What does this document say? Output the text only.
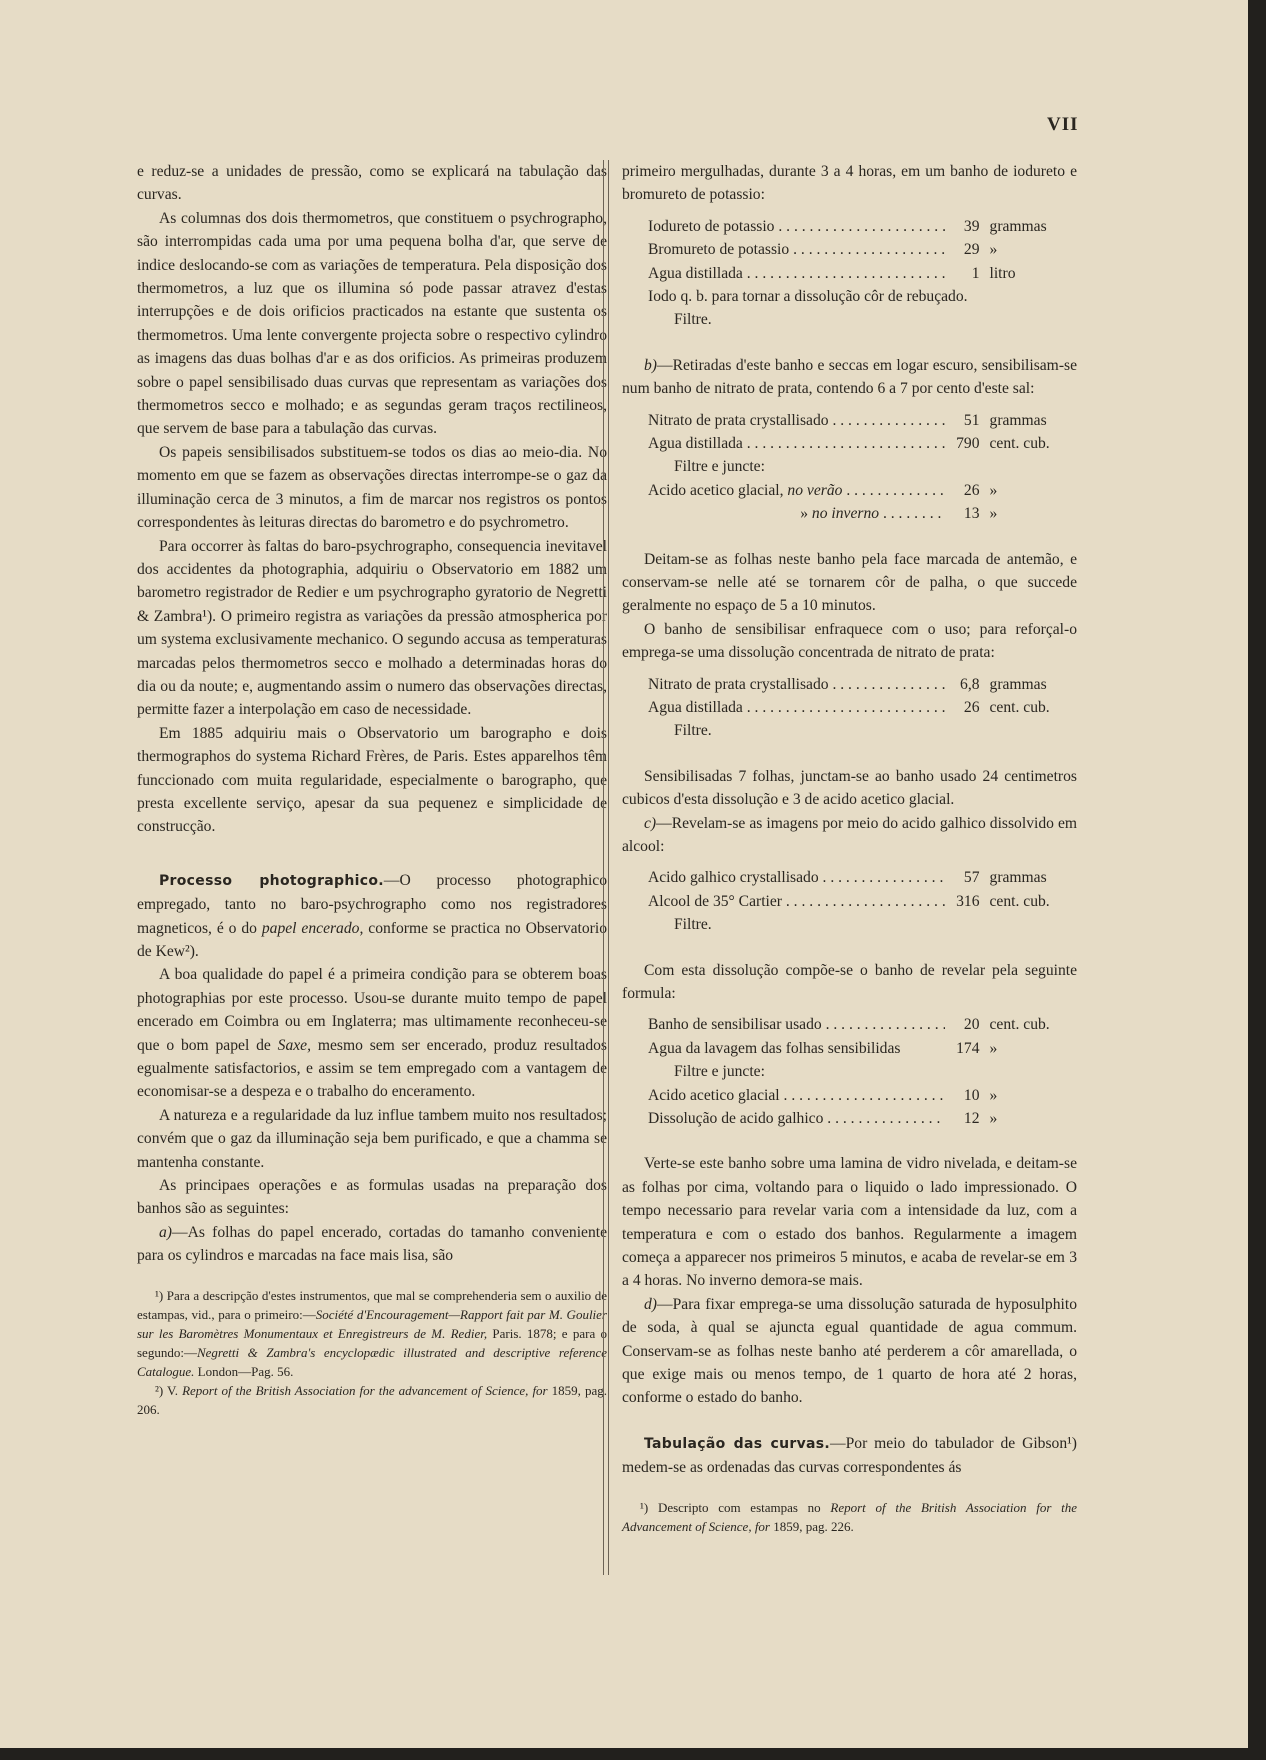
VII

e reduz-se a unidades de pressão, como se explicará na tabulação das curvas.

As columnas dos dois thermometros, que constituem o psychrographo, são interrompidas cada uma por uma pequena bolha d'ar, que serve de indice deslocando-se com as variações de temperatura. Pela disposição dos thermometros, a luz que os illumina só pode passar atravez d'estas interrupções e de dois orificios practicados na estante que sustenta os thermometros. Uma lente convergente projecta sobre o respectivo cylindro as imagens das duas bolhas d'ar e as dos orificios. As primeiras produzem sobre o papel sensibilisado duas curvas que representam as variações dos thermometros secco e molhado; e as segundas geram traços rectilineos, que servem de base para a tabulação das curvas.

Os papeis sensibilisados substituem-se todos os dias ao meio-dia. No momento em que se fazem as observações directas interrompe-se o gaz da illuminação cerca de 3 minutos, a fim de marcar nos registros os pontos correspondentes às leituras directas do barometro e do psychrometro.

Para occorrer às faltas do baro-psychrographo, consequencia inevitavel dos accidentes da photographia, adquiriu o Observatorio em 1882 um barometro registrador de Redier e um psychrographo gyratorio de Negretti & Zambra¹). O primeiro registra as variações da pressão atmospherica por um systema exclusivamente mechanico. O segundo accusa as temperaturas marcadas pelos thermometros secco e molhado a determinadas horas do dia ou da noute; e, augmentando assim o numero das observações directas, permitte fazer a interpolação em caso de necessidade.

Em 1885 adquiriu mais o Observatorio um barographo e dois thermographos do systema Richard Frères, de Paris. Estes apparelhos têm funccionado com muita regularidade, especialmente o barographo, que presta excellente serviço, apesar da sua pequenez e simplicidade de construcção.

Processo photographico.—O processo photographico empregado, tanto no baro-psychrographo como nos registradores magneticos, é o do papel encerado, conforme se practica no Observatorio de Kew²).

A boa qualidade do papel é a primeira condição para se obterem boas photographias por este processo. Usou-se durante muito tempo de papel encerado em Coimbra ou em Inglaterra; mas ultimamente reconheceu-se que o bom papel de Saxe, mesmo sem ser encerado, produz resultados egualmente satisfactorios, e assim se tem empregado com a vantagem de economisar-se a despeza e o trabalho do enceramento.

A natureza e a regularidade da luz influe tambem muito nos resultados; convém que o gaz da illuminação seja bem purificado, e que a chamma se mantenha constante.

As principaes operações e as formulas usadas na preparação dos banhos são as seguintes:

a)—As folhas do papel encerado, cortadas do tamanho conveniente para os cylindros e marcadas na face mais lisa, são

¹) Para a descripção d'estes instrumentos, que mal se comprehenderia sem o auxilio de estampas, vid., para o primeiro:—Société d'Encouragement—Rapport fait par M. Goulier sur les Baromètres Monumentaux et Enregistreurs de M. Redier, Paris. 1878; e para o segundo:—Negretti & Zambra's encyclopædic illustrated and descriptive reference Catalogue. London—Pag. 56.

²) V. Report of the British Association for the advancement of Science, for 1859, pag. 206.

primeiro mergulhadas, durante 3 a 4 horas, em um banho de iodureto e bromureto de potassio:

Iodureto de potassio . . .	39 grammas
Bromureto de potassio . . .	29 »
Agua distillada . . .	1 litro
Iodo q. b. para tornar a dissolução côr de rebuçado.
Filtre.

b)—Retiradas d'este banho e seccas em logar escuro, sensibilisam-se num banho de nitrato de prata, contendo 6 a 7 por cento d'este sal:

Nitrato de prata crystallisado . . .	51 grammas
Agua distillada . . .	790 cent. cub.
Filtre e juncte:
Acido acetico glacial, no verão . . .	26 »
» no inverno . . .	13 »

Deitam-se as folhas neste banho pela face marcada de antemão, e conservam-se nelle até se tornarem côr de palha, o que succede geralmente no espaço de 5 a 10 minutos.

O banho de sensibilisar enfraquece com o uso; para reforçal-o emprega-se uma dissolução concentrada de nitrato de prata:

Nitrato de prata crystallisado . . .	6,8 grammas
Agua distillada . . .	26 cent. cub.
Filtre.

Sensibilisadas 7 folhas, junctam-se ao banho usado 24 centimetros cubicos d'esta dissolução e 3 de acido acetico glacial.

c)—Revelam-se as imagens por meio do acido galhico dissolvido em alcool:

Acido galhico crystallisado . . .	57 grammas
Alcool de 35° Cartier . . .	316 cent. cub.
Filtre.

Com esta dissolução compõe-se o banho de revelar pela seguinte formula:

Banho de sensibilisar usado . . .	20 cent. cub.
Agua da lavagem das folhas sensibilidas	174 »
Filtre e juncte:
Acido acetico glacial . . .	10 »
Dissolução de acido galhico . . .	12 »

Verte-se este banho sobre uma lamina de vidro nivelada, e deitam-se as folhas por cima, voltando para o liquido o lado impressionado. O tempo necessario para revelar varia com a intensidade da luz, com a temperatura e com o estado dos banhos. Regularmente a imagem começa a apparecer nos primeiros 5 minutos, e acaba de revelar-se em 3 a 4 horas. No inverno demora-se mais.

d)—Para fixar emprega-se uma dissolução saturada de hyposulphito de soda, à qual se ajuncta egual quantidade de agua commum. Conservam-se as folhas neste banho até perderem a côr amarellada, o que exige mais ou menos tempo, de 1 quarto de hora até 2 horas, conforme o estado do banho.

Tabulação das curvas.—Por meio do tabulador de Gibson¹) medem-se as ordenadas das curvas correspondentes ás

¹) Descripto com estampas no Report of the British Association for the Advancement of Science, for 1859, pag. 226.
